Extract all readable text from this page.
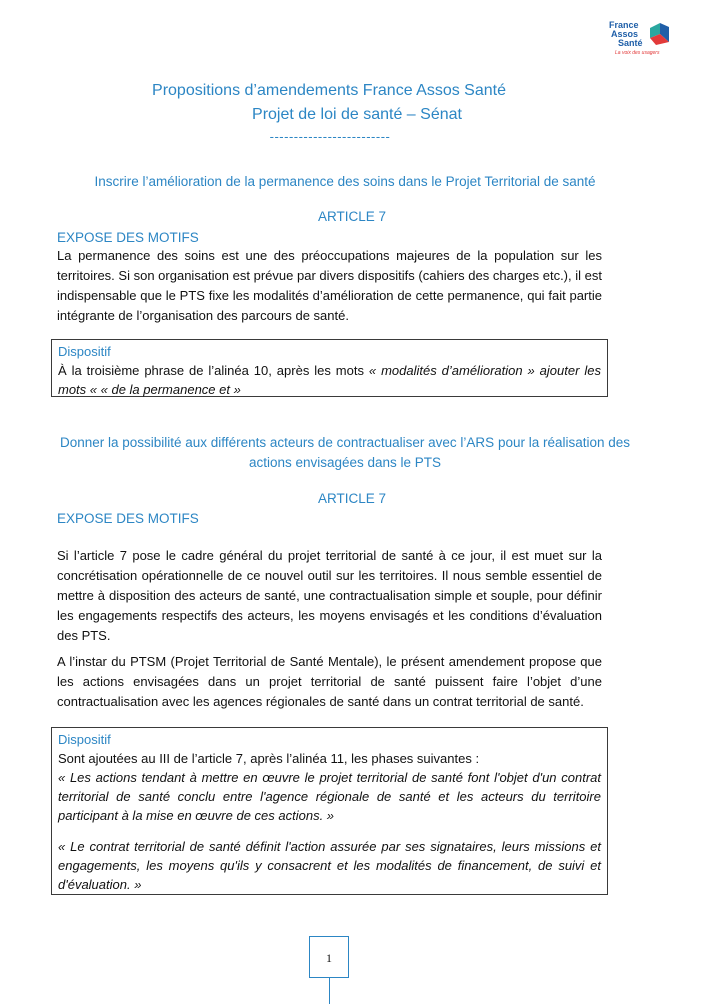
France
Assos
Santé
La voix des usagers
Propositions d’amendements France Assos Santé
Projet de loi de santé – Sénat
-------------------------
Inscrire l’amélioration de la permanence des soins dans le Projet Territorial de santé
ARTICLE 7
EXPOSE DES MOTIFS
La permanence des soins est une des préoccupations majeures de la population sur les territoires. Si son organisation est prévue par divers dispositifs (cahiers des charges etc.), il est indispensable que le PTS fixe les modalités d’amélioration de cette permanence, qui fait partie intégrante de l’organisation des parcours de santé.
Dispositif
À la troisième phrase de l’alinéa 10, après les mots « modalités d’amélioration » ajouter les mots « « de la permanence et »
Donner la possibilité aux différents acteurs de contractualiser avec l’ARS pour la réalisation des actions envisagées dans le PTS
ARTICLE 7
EXPOSE DES MOTIFS
Si l’article 7 pose le cadre général du projet territorial de santé à ce jour, il est muet sur la concrétisation opérationnelle de ce nouvel outil sur les territoires. Il nous semble essentiel de mettre à disposition des acteurs de santé, une contractualisation simple et souple, pour définir les engagements respectifs des acteurs, les moyens envisagés et les conditions d’évaluation des PTS.
A l’instar du PTSM (Projet Territorial de Santé Mentale), le présent amendement propose que les actions envisagées dans un projet territorial de santé puissent faire l’objet d’une contractualisation avec les agences régionales de santé dans un contrat territorial de santé.
Dispositif
Sont ajoutées au III de l’article 7, après l’alinéa 11, les phases suivantes :
« Les actions tendant à mettre en œuvre le projet territorial de santé font l'objet d'un contrat territorial de santé conclu entre l'agence régionale de santé et les acteurs du territoire participant à la mise en œuvre de ces actions. »
« Le contrat territorial de santé définit l'action assurée par ses signataires, leurs missions et engagements, les moyens qu'ils y consacrent et les modalités de financement, de suivi et d'évaluation. »
1
